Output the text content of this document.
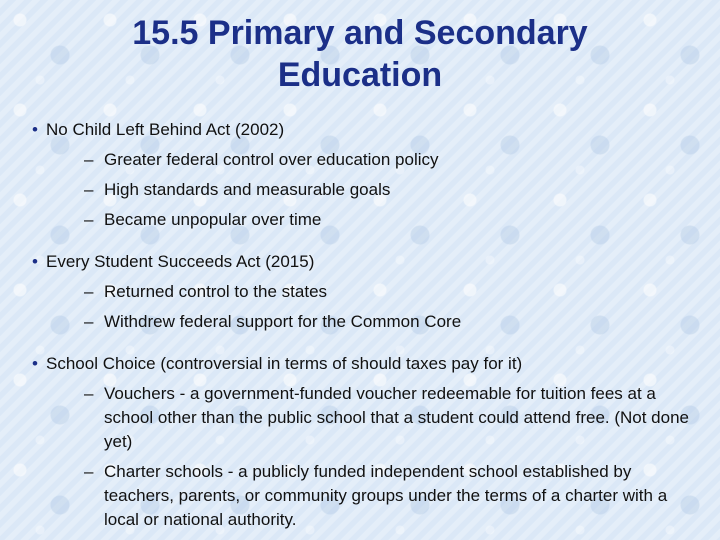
15.5 Primary and Secondary
Education
• No Child Left Behind Act (2002)
– Greater federal control over education policy
– High standards and measurable goals
– Became unpopular over time
• Every Student Succeeds Act (2015)
– Returned control to the states
– Withdrew federal support for the Common Core
• School Choice (controversial in terms of should taxes pay for it)
– Vouchers - a government-funded voucher redeemable for tuition fees at a school other than the public school that a student could attend free. (Not done yet)
– Charter schools - a publicly funded independent school established by teachers, parents, or community groups under the terms of a charter with a local or national authority.
